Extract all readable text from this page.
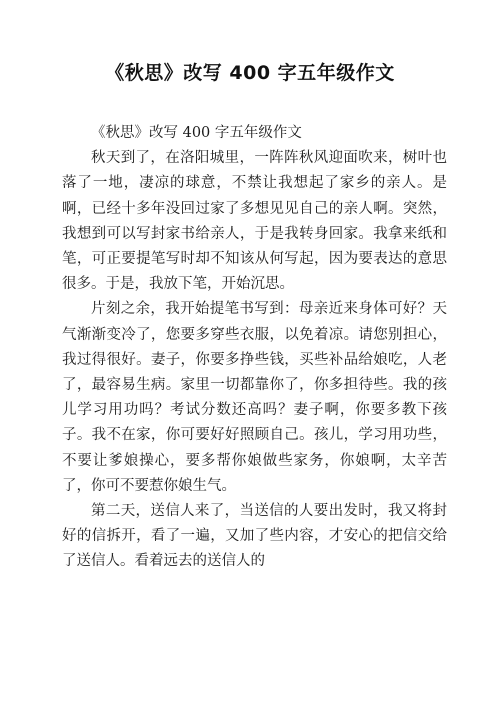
《秋思》改写 400 字五年级作文

《秋思》改写 400 字五年级作文

秋天到了，在洛阳城里，一阵阵秋风迎面吹来，树叶也落了一地，凄凉的球意，不禁让我想起了家乡的亲人。是啊，已经十多年没回过家了多想见见自己的亲人啊。突然，我想到可以写封家书给亲人，于是我转身回家。我拿来纸和笔，可正要提笔写时却不知该从何写起，因为要表达的意思很多。于是，我放下笔，开始沉思。

片刻之余，我开始提笔书写到：母亲近来身体可好？天气渐渐变冷了，您要多穿些衣服，以免着凉。请您别担心，我过得很好。妻子，你要多挣些钱，买些补品给娘吃，人老了，最容易生病。家里一切都靠你了，你多担待些。我的孩儿学习用功吗？考试分数还高吗？妻子啊，你要多教下孩子。我不在家，你可要好好照顾自己。孩儿，学习用功些，不要让爹娘操心，要多帮你娘做些家务，你娘啊，太辛苦了，你可不要惹你娘生气。

第二天，送信人来了，当送信的人要出发时，我又将封好的信拆开，看了一遍，又加了些内容，才安心的把信交给了送信人。看着远去的送信人的
